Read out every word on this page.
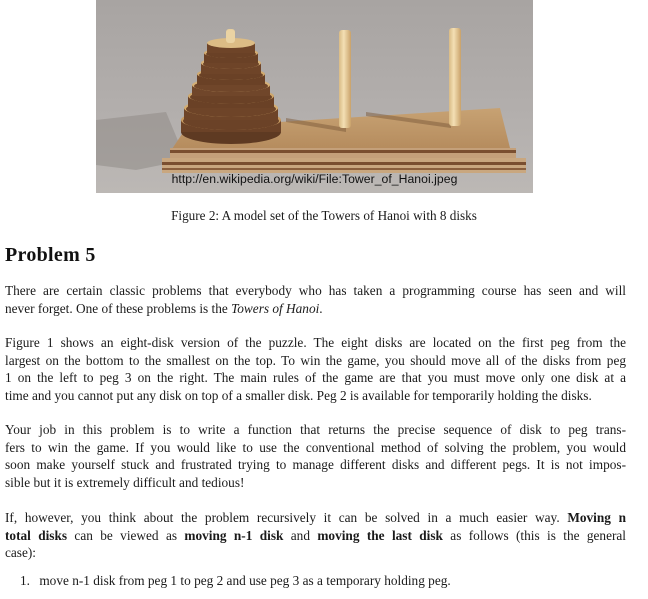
http://en.wikipedia.org/wiki/File:Tower_of_Hanoi.jpeg
Figure 2: A model set of the Towers of Hanoi with 8 disks
Problem 5
There are certain classic problems that everybody who has taken a programming course has seen and will
never forget. One of these problems is the Towers of Hanoi.
Figure 1 shows an eight-disk version of the puzzle. The eight disks are located on the first peg from the
largest on the bottom to the smallest on the top. To win the game, you should move all of the disks from peg
1 on the left to peg 3 on the right. The main rules of the game are that you must move only one disk at a
time and you cannot put any disk on top of a smaller disk. Peg 2 is available for temporarily holding the disks.
Your job in this problem is to write a function that returns the precise sequence of disk to peg trans-
fers to win the game. If you would like to use the conventional method of solving the problem, you would
soon make yourself stuck and frustrated trying to manage different disks and different pegs. It is not impos-
sible but it is extremely difficult and tedious!
If, however, you think about the problem recursively it can be solved in a much easier way. Moving n
total disks can be viewed as moving n-1 disk and moving the last disk as follows (this is the general
case):
1. move n-1 disk from peg 1 to peg 2 and use peg 3 as a temporary holding peg.
